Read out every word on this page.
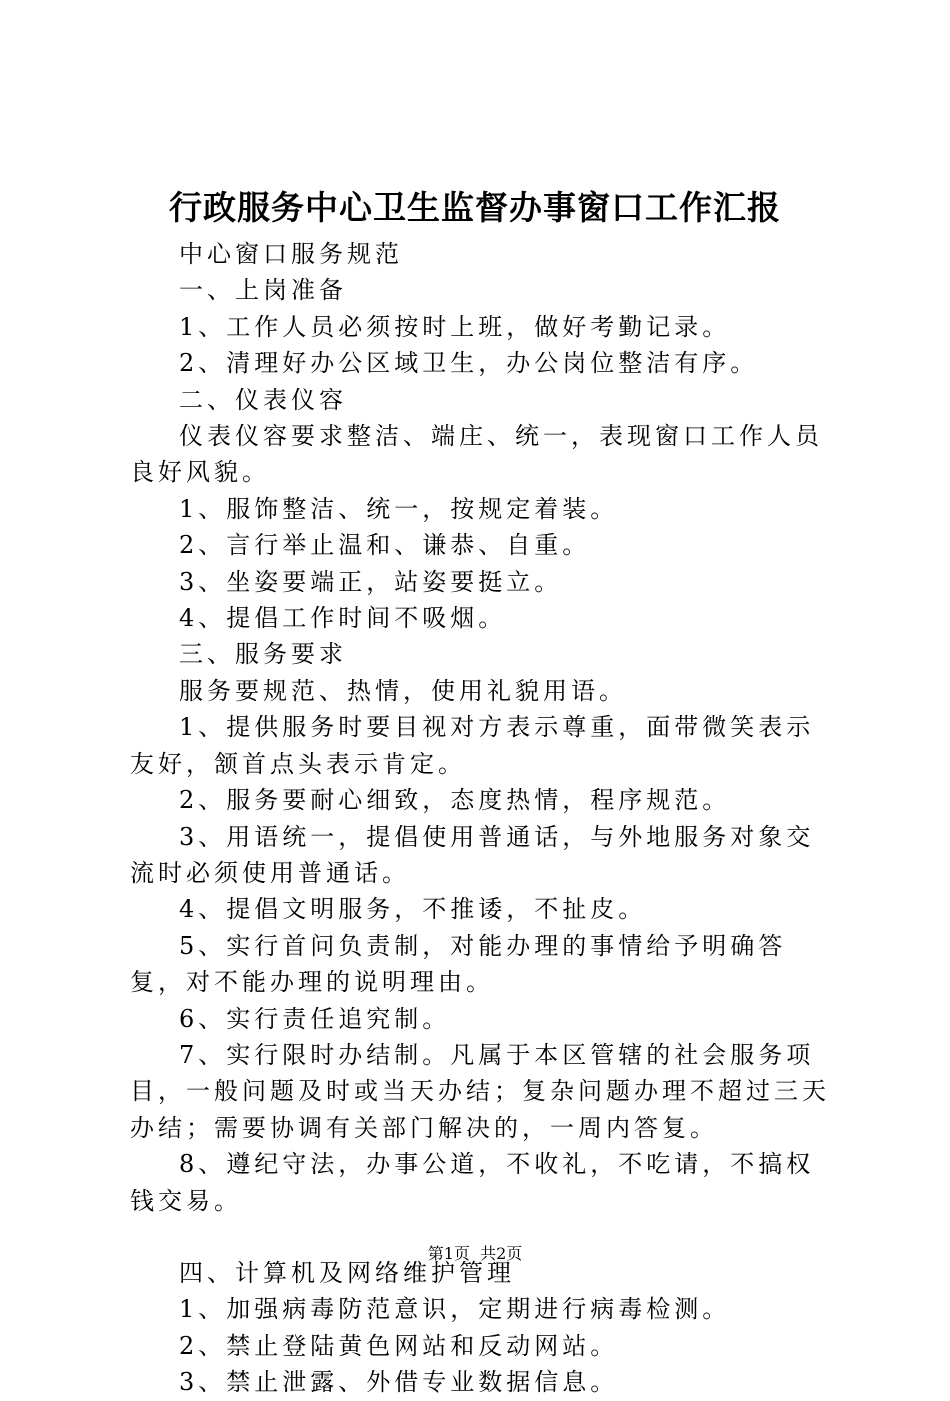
行政服务中心卫生监督办事窗口工作汇报

中心窗口服务规范

一、上岗准备

1、工作人员必须按时上班，做好考勤记录。

2、清理好办公区域卫生，办公岗位整洁有序。

二、仪表仪容

仪表仪容要求整洁、端庄、统一，表现窗口工作人员良好风貌。

1、服饰整洁、统一，按规定着装。

2、言行举止温和、谦恭、自重。

3、坐姿要端正，站姿要挺立。

4、提倡工作时间不吸烟。

三、服务要求

服务要规范、热情，使用礼貌用语。

1、提供服务时要目视对方表示尊重，面带微笑表示友好，颔首点头表示肯定。

2、服务要耐心细致，态度热情，程序规范。

3、用语统一，提倡使用普通话，与外地服务对象交流时必须使用普通话。

4、提倡文明服务，不推诿，不扯皮。

5、实行首问负责制，对能办理的事情给予明确答复，对不能办理的说明理由。

6、实行责任追究制。

7、实行限时办结制。凡属于本区管辖的社会服务项目，一般问题及时或当天办结；复杂问题办理不超过三天办结；需要协调有关部门解决的，一周内答复。

8、遵纪守法，办事公道，不收礼，不吃请，不搞权钱交易。

四、计算机及网络维护管理

1、加强病毒防范意识，定期进行病毒检测。

2、禁止登陆黄色网站和反动网站。

3、禁止泄露、外借专业数据信息。

第1页  共2页
